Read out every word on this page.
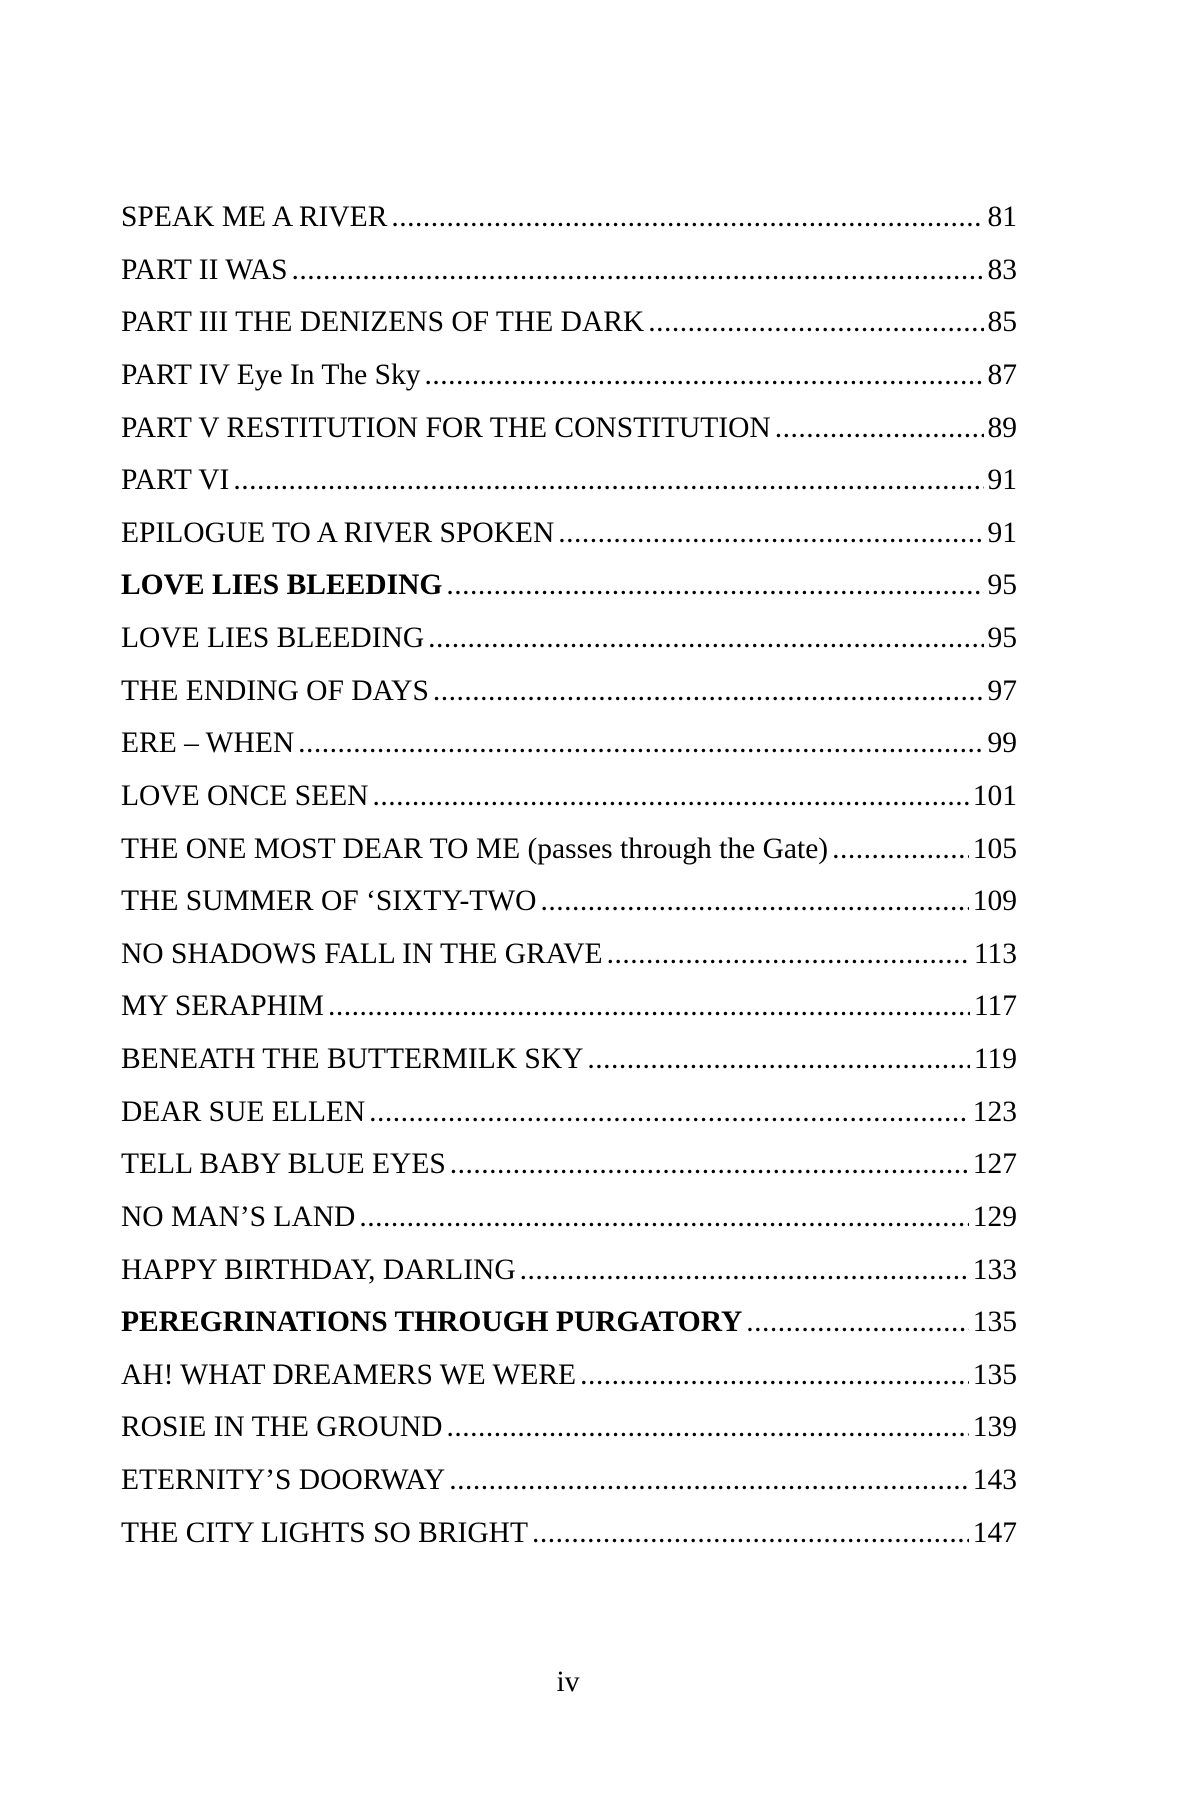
SPEAK ME A RIVER .....	81
PART II WAS .....	83
PART III THE DENIZENS OF THE DARK .....	85
PART IV Eye In The Sky .....	87
PART V RESTITUTION FOR THE CONSTITUTION .....	89
PART VI .....	91
EPILOGUE TO A RIVER SPOKEN .....	91
LOVE LIES BLEEDING .....	95
LOVE LIES BLEEDING .....	95
THE ENDING OF DAYS .....	97
ERE – WHEN .....	99
LOVE ONCE SEEN .....	101
THE ONE MOST DEAR TO ME (passes through the Gate) .....	105
THE SUMMER OF ‘SIXTY-TWO .....	109
NO SHADOWS FALL IN THE GRAVE .....	113
MY SERAPHIM .....	117
BENEATH THE BUTTERMILK SKY .....	119
DEAR SUE ELLEN .....	123
TELL BABY BLUE EYES .....	127
NO MAN’S LAND .....	129
HAPPY BIRTHDAY, DARLING .....	133
PEREGRINATIONS THROUGH PURGATORY .....	135
AH! WHAT DREAMERS WE WERE .....	135
ROSIE IN THE GROUND .....	139
ETERNITY’S DOORWAY .....	143
THE CITY LIGHTS SO BRIGHT .....	147
iv
